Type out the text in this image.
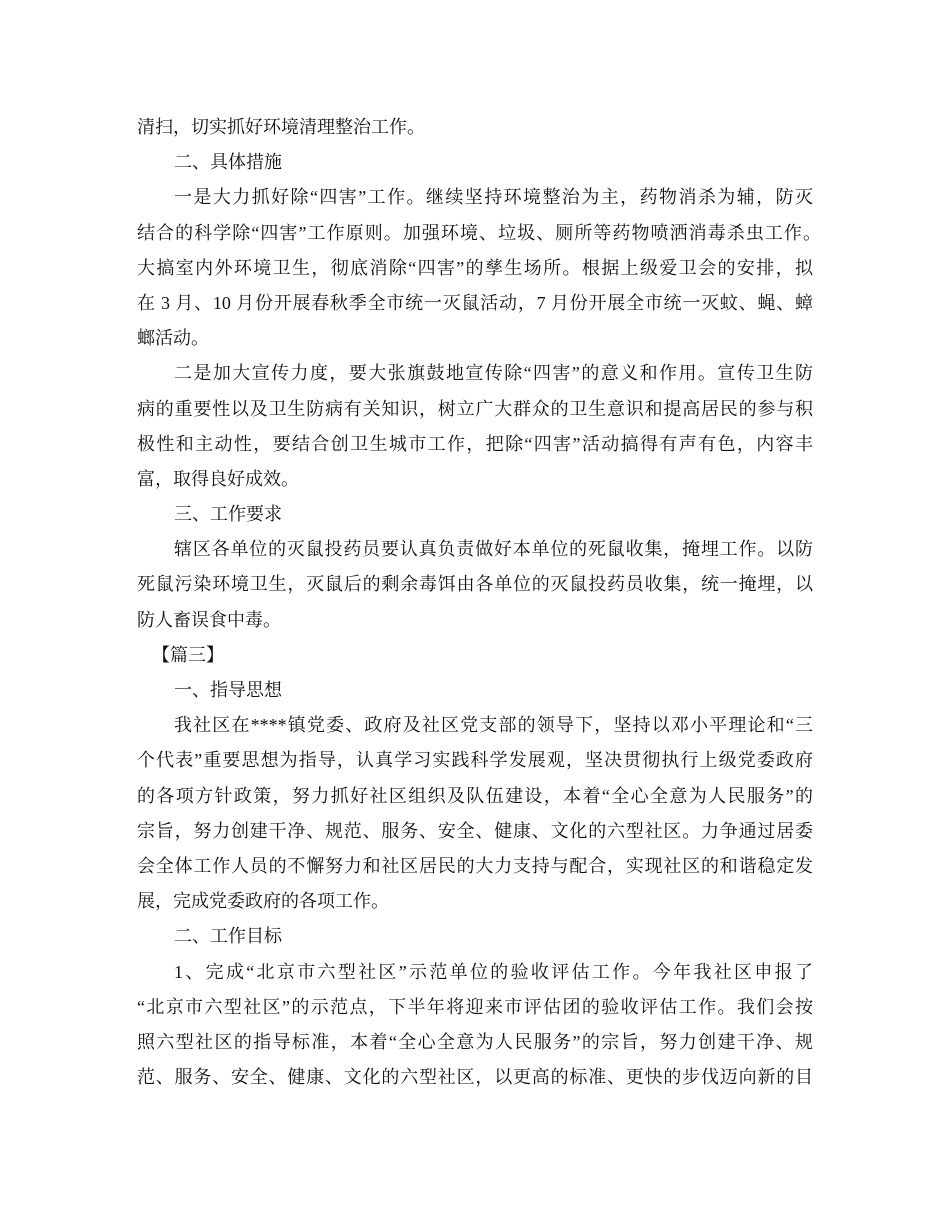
清扫，切实抓好环境清理整治工作。
二、具体措施
一是大力抓好除“四害”工作。继续坚持环境整治为主，药物消杀为辅，防灭
结合的科学除“四害”工作原则。加强环境、垃圾、厕所等药物喷洒消毒杀虫工作。
大搞室内外环境卫生，彻底消除“四害”的孳生场所。根据上级爱卫会的安排，拟
在 3 月、10 月份开展春秋季全市统一灭鼠活动，7 月份开展全市统一灭蚊、蝇、蟑
螂活动。
二是加大宣传力度，要大张旗鼓地宣传除“四害”的意义和作用。宣传卫生防
病的重要性以及卫生防病有关知识，树立广大群众的卫生意识和提高居民的参与积
极性和主动性，要结合创卫生城市工作，把除“四害”活动搞得有声有色，内容丰
富，取得良好成效。
三、工作要求
辖区各单位的灭鼠投药员要认真负责做好本单位的死鼠收集，掩埋工作。以防
死鼠污染环境卫生，灭鼠后的剩余毒饵由各单位的灭鼠投药员收集，统一掩埋，以
防人畜误食中毒。
【篇三】
一、指导思想
我社区在****镇党委、政府及社区党支部的领导下，坚持以邓小平理论和“三
个代表”重要思想为指导，认真学习实践科学发展观，坚决贯彻执行上级党委政府
的各项方针政策，努力抓好社区组织及队伍建设，本着“全心全意为人民服务”的
宗旨，努力创建干净、规范、服务、安全、健康、文化的六型社区。力争通过居委
会全体工作人员的不懈努力和社区居民的大力支持与配合，实现社区的和谐稳定发
展，完成党委政府的各项工作。
二、工作目标
1、完成“北京市六型社区”示范单位的验收评估工作。今年我社区申报了
“北京市六型社区”的示范点，下半年将迎来市评估团的验收评估工作。我们会按
照六型社区的指导标准，本着“全心全意为人民服务”的宗旨，努力创建干净、规
范、服务、安全、健康、文化的六型社区，以更高的标准、更快的步伐迈向新的目
